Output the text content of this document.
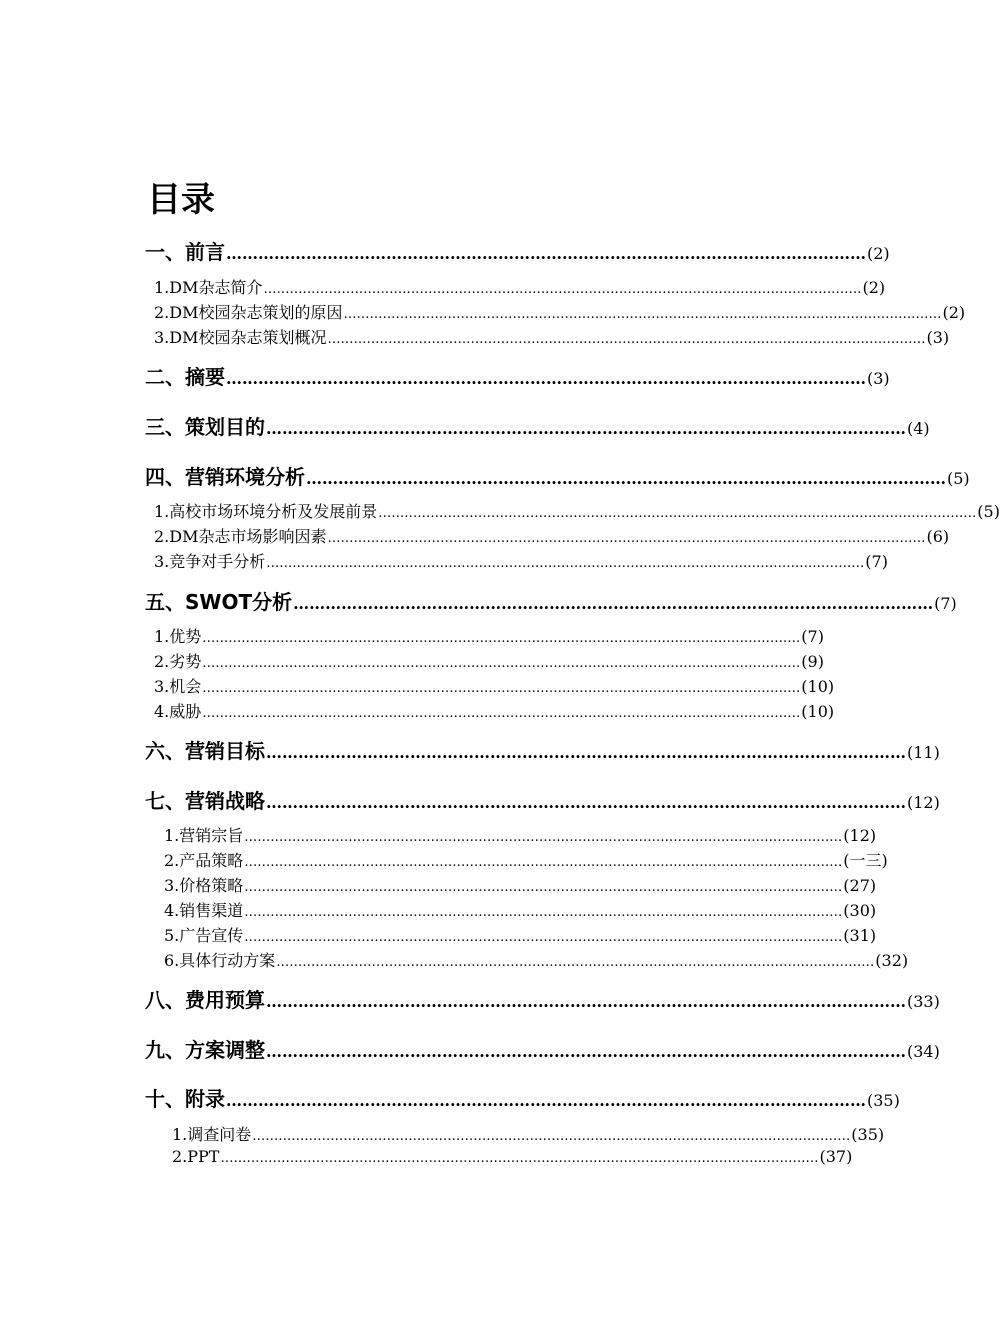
目录
一、 前言 ………………………………………………………………………………………………………… (2)
1.DM杂志简介 ………………………………………………………………………………………………………………………… (2)
2.DM校园杂志策划的原因 ………………………………………………………………………………………………………………………… (2)
3.DM校园杂志策划概况 ………………………………………………………………………………………………………………………… (3)
二、摘要 ………………………………………………………………………………………………………… (3)
三、策划目的 ………………………………………………………………………………………………………… (4)
四、营销环境分析 ………………………………………………………………………………………………………… (5)
1.高校市场环境分析及发展前景 ………………………………………………………………………………………………………………………… (5)
2.DM杂志市场影响因素 ………………………………………………………………………………………………………………………… (6)
3.竞争对手分析 ………………………………………………………………………………………………………………………… (7)
五、SWOT分析 ………………………………………………………………………………………………………… (7)
1.优势 ………………………………………………………………………………………………………………………… (7)
2.劣势 ………………………………………………………………………………………………………………………… (9)
3.机会 ………………………………………………………………………………………………………………………… (10)
4.威胁 ………………………………………………………………………………………………………………………… (10)
六、营销目标 ………………………………………………………………………………………………………… (11)
七、营销战略 ………………………………………………………………………………………………………… (12)
1.营销宗旨 ………………………………………………………………………………………………………………………… (12)
2.产品策略 ………………………………………………………………………………………………………………………… (一三)
3.价格策略 ………………………………………………………………………………………………………………………… (27)
4.销售渠道 ………………………………………………………………………………………………………………………… (30)
5.广告宣传 ………………………………………………………………………………………………………………………… (31)
6.具体行动方案 ………………………………………………………………………………………………………………………… (32)
八、费用预算 ………………………………………………………………………………………………………… (33)
九、方案调整 ………………………………………………………………………………………………………… (34)
十、附录 ………………………………………………………………………………………………………… (35)
1.调查问卷 ………………………………………………………………………………………………………………………… (35)
2.PPT ………………………………………………………………………………………………………………………… (37)
